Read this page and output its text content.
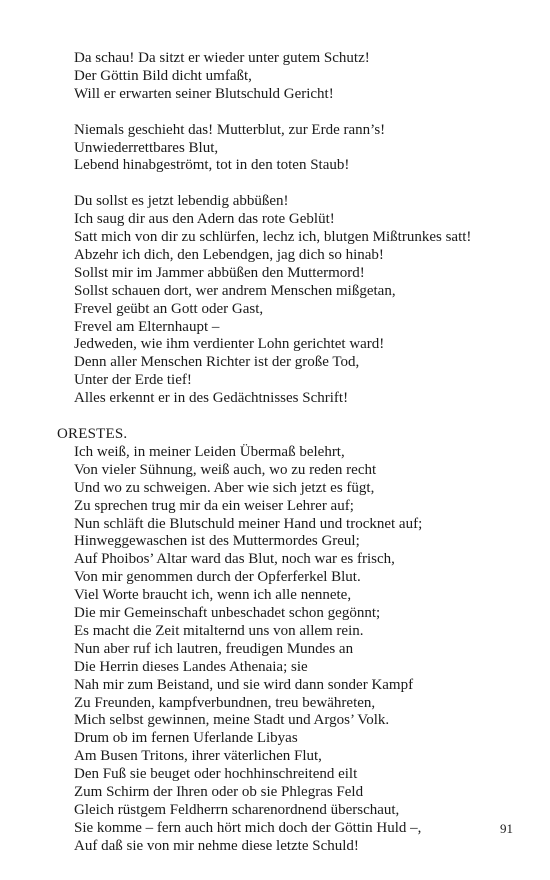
Da schau! Da sitzt er wieder unter gutem Schutz!
Der Göttin Bild dicht umfaßt,
Will er erwarten seiner Blutschuld Gericht!
Niemals geschieht das! Mutterblut, zur Erde rann’s!
Unwiederrettbares Blut,
Lebend hinabgeströmt, tot in den toten Staub!
Du sollst es jetzt lebendig abbüßen!
Ich saug dir aus den Adern das rote Geblüt!
Satt mich von dir zu schlürfen, lechz ich, blutgen Mißtrunkes satt!
Abzehr ich dich, den Lebendgen, jag dich so hinab!
Sollst mir im Jammer abbüßen den Muttermord!
Sollst schauen dort, wer andrem Menschen mißgetan,
Frevel geübt an Gott oder Gast,
Frevel am Elternhaupt –
Jedweden, wie ihm verdienter Lohn gerichtet ward!
Denn aller Menschen Richter ist der große Tod,
Unter der Erde tief!
Alles erkennt er in des Gedächtnisses Schrift!
ORESTES.
Ich weiß, in meiner Leiden Übermaß belehrt,
Von vieler Sühnung, weiß auch, wo zu reden recht
Und wo zu schweigen. Aber wie sich jetzt es fügt,
Zu sprechen trug mir da ein weiser Lehrer auf;
Nun schläft die Blutschuld meiner Hand und trocknet auf;
Hinweggewaschen ist des Muttermordes Greul;
Auf Phoibos’ Altar ward das Blut, noch war es frisch,
Von mir genommen durch der Opferferkel Blut.
Viel Worte braucht ich, wenn ich alle nennete,
Die mir Gemeinschaft unbeschadet schon gegönnt;
Es macht die Zeit mitalternd uns von allem rein.
Nun aber ruf ich lautren, freudigen Mundes an
Die Herrin dieses Landes Athenaia; sie
Nah mir zum Beistand, und sie wird dann sonder Kampf
Zu Freunden, kampfverbundnen, treu bewähreten,
Mich selbst gewinnen, meine Stadt und Argos’ Volk.
Drum ob im fernen Uferlande Libyas
Am Busen Tritons, ihrer väterlichen Flut,
Den Fuß sie beuget oder hochhinschreitend eilt
Zum Schirm der Ihren oder ob sie Phlegras Feld
Gleich rüstgem Feldherrn scharenordnend überschaut,
Sie komme – fern auch hört mich doch der Göttin Huld –,
Auf daß sie von mir nehme diese letzte Schuld!
91
